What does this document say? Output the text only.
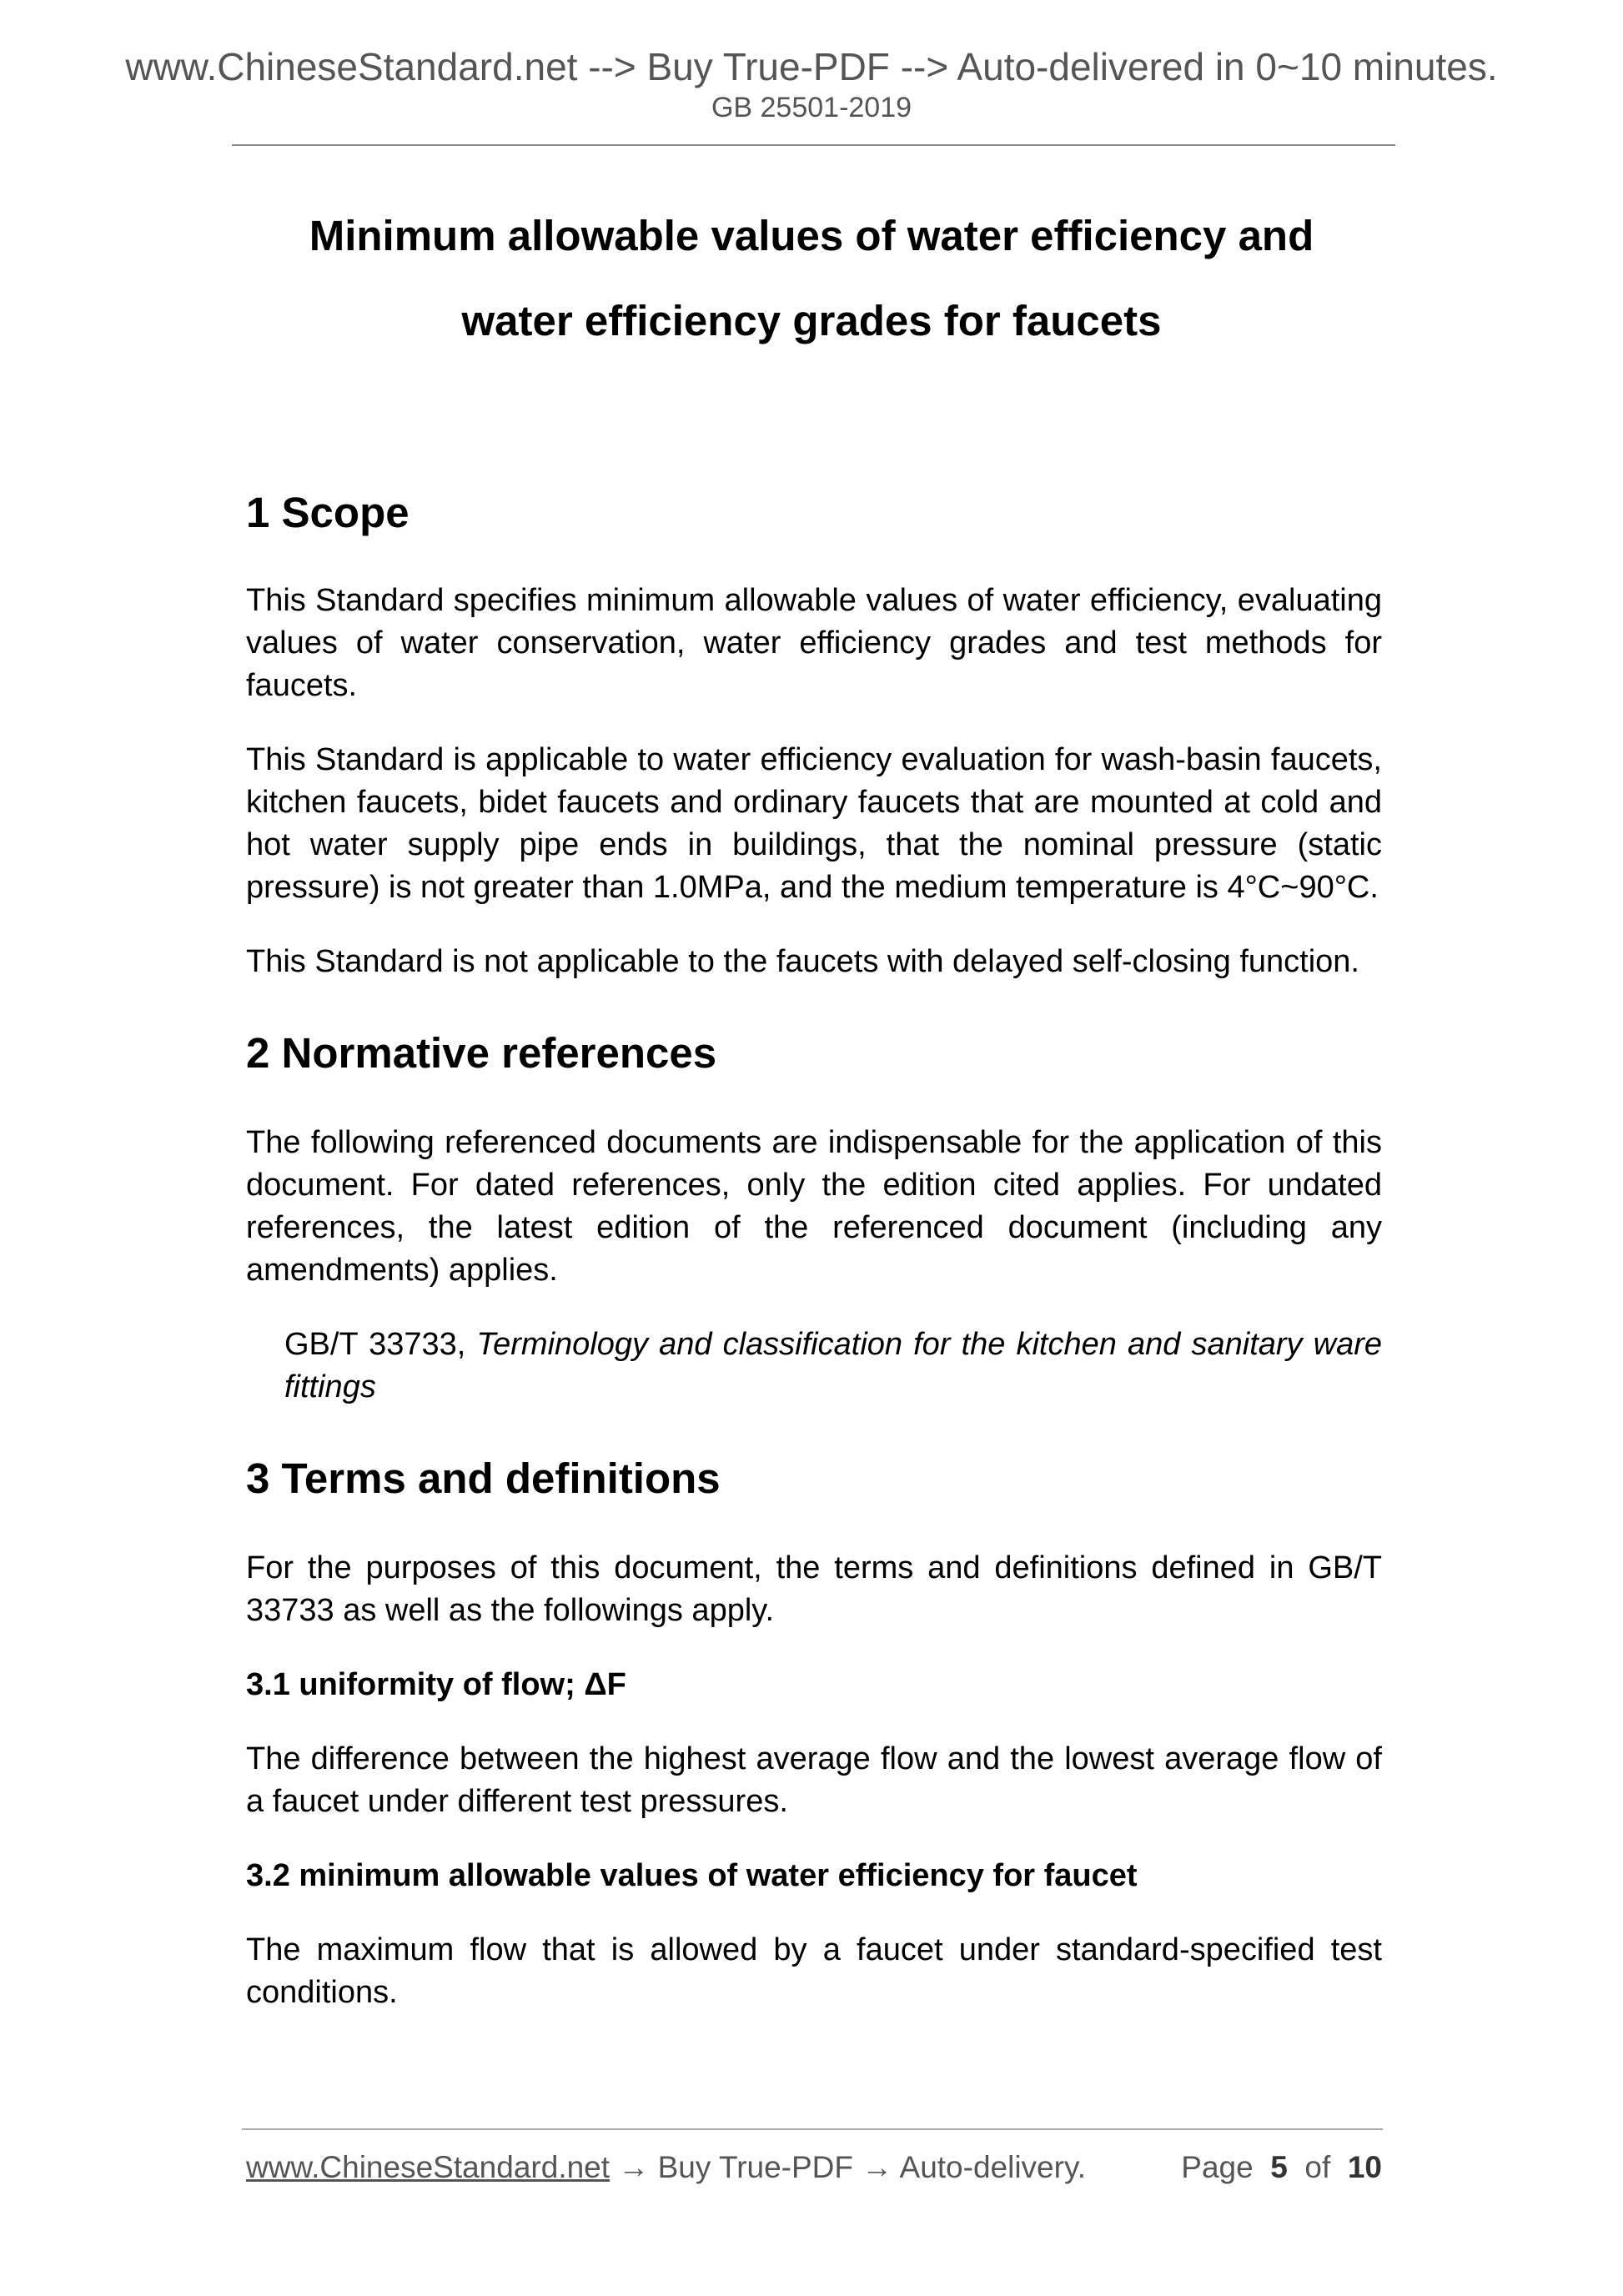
www.ChineseStandard.net --> Buy True-PDF --> Auto-delivered in 0~10 minutes.
GB 25501-2019
Minimum allowable values of water efficiency and
water efficiency grades for faucets
1 Scope

This Standard specifies minimum allowable values of water efficiency, evaluating values of water conservation, water efficiency grades and test methods for faucets.

This Standard is applicable to water efficiency evaluation for wash-basin faucets, kitchen faucets, bidet faucets and ordinary faucets that are mounted at cold and hot water supply pipe ends in buildings, that the nominal pressure (static pressure) is not greater than 1.0MPa, and the medium temperature is 4°C~90°C.

This Standard is not applicable to the faucets with delayed self-closing function.

2 Normative references

The following referenced documents are indispensable for the application of this document. For dated references, only the edition cited applies. For undated references, the latest edition of the referenced document (including any amendments) applies.

GB/T 33733, Terminology and classification for the kitchen and sanitary ware fittings

3 Terms and definitions

For the purposes of this document, the terms and definitions defined in GB/T 33733 as well as the followings apply.

3.1 uniformity of flow; ΔF

The difference between the highest average flow and the lowest average flow of a faucet under different test pressures.

3.2 minimum allowable values of water efficiency for faucet

The maximum flow that is allowed by a faucet under standard-specified test conditions.

www.ChineseStandard.net → Buy True-PDF → Auto-delivery.	Page 5 of 10
